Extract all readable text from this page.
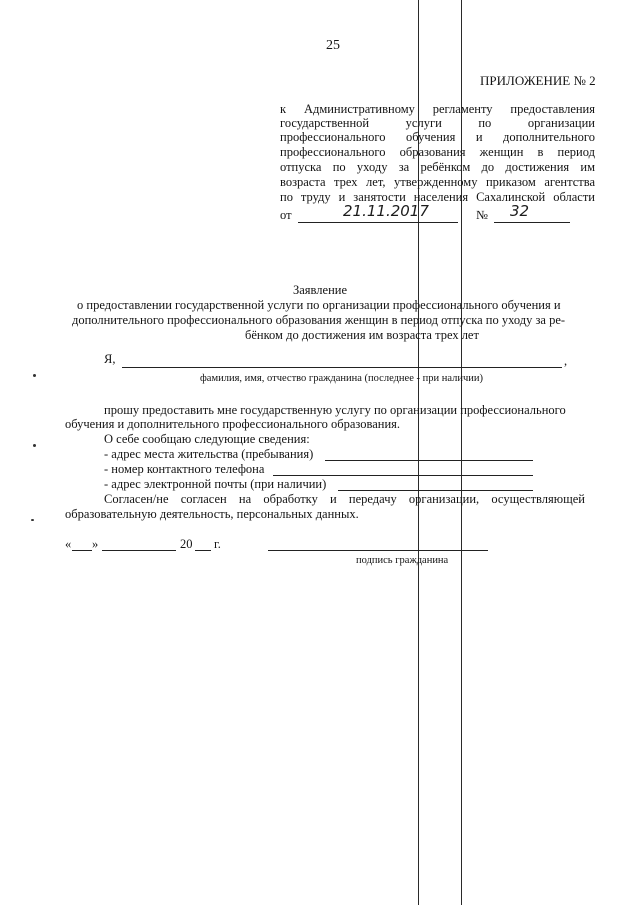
25
ПРИЛОЖЕНИЕ № 2
к Административному регламенту предоставления
государственной услуги по организации
профессионального обучения и дополнительного
профессионального образования женщин в период
отпуска по уходу за ребёнком до достижения им
возраста трех лет, утвержденному приказом агентства
по труду и занятости населения Сахалинской области
от	21.11.2017	№ 32
Заявление
о предоставлении государственной услуги по организации профессионального обучения и
дополнительного профессионального образования женщин в период отпуска по уходу за ре-
бёнком до достижения им возраста трех лет
Я,	,
фамилия, имя, отчество гражданина (последнее - при наличии)
прошу предоставить мне государственную услугу по организации профессионального
обучения и дополнительного профессионального образования.
О себе сообщаю следующие сведения:
- адрес места жительства (пребывания)
- номер контактного телефона
- адрес электронной почты (при наличии)
Согласен/не согласен на обработку и передачу организации, осуществляющей
образовательную деятельность, персональных данных.
« »	20 г.
подпись гражданина
